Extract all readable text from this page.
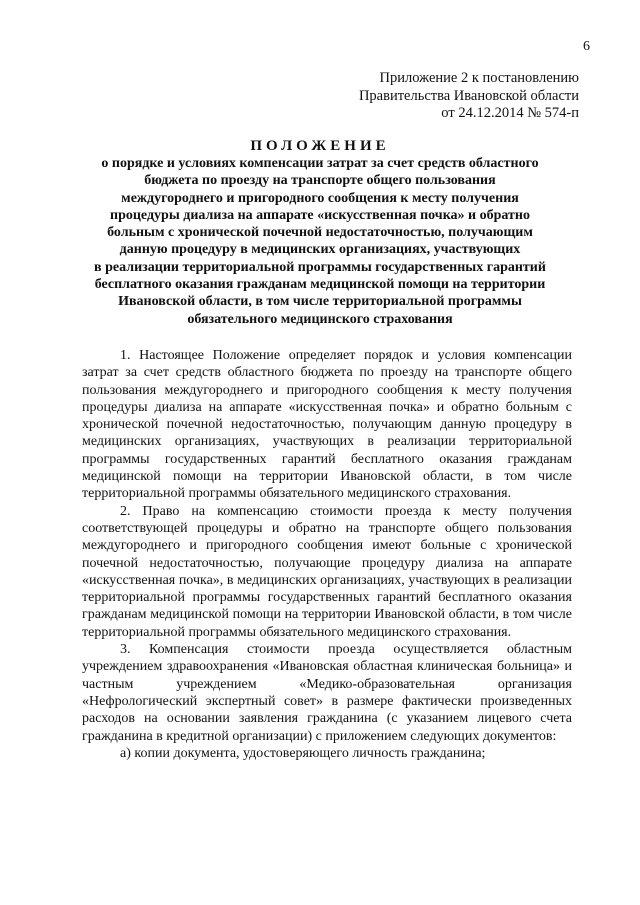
6
Приложение 2 к постановлению
Правительства Ивановской области
от 24.12.2014 № 574-п
ПОЛОЖЕНИЕ
о порядке и условиях компенсации затрат за счет средств областного
бюджета по проезду на транспорте общего пользования
междугороднего и пригородного сообщения к месту получения
процедуры диализа на аппарате «искусственная почка» и обратно
больным с хронической почечной недостаточностью, получающим
данную процедуру в медицинских организациях, участвующих
в реализации территориальной программы государственных гарантий
бесплатного оказания гражданам медицинской помощи на территории
Ивановской области, в том числе территориальной программы
обязательного медицинского страхования

1. Настоящее Положение определяет порядок и условия компенсации затрат за счет средств областного бюджета по проезду на транспорте общего пользования междугороднего и пригородного сообщения к месту получения процедуры диализа на аппарате «искусственная почка» и обратно больным с хронической почечной недостаточностью, получающим данную процедуру в медицинских организациях, участвующих в реализации территориальной программы государственных гарантий бесплатного оказания гражданам медицинской помощи на территории Ивановской области, в том числе территориальной программы обязательного медицинского страхования.

2. Право на компенсацию стоимости проезда к месту получения соответствующей процедуры и обратно на транспорте общего пользования междугороднего и пригородного сообщения имеют больные с хронической почечной недостаточностью, получающие процедуру диализа на аппарате «искусственная почка», в медицинских организациях, участвующих в реализации территориальной программы государственных гарантий бесплатного оказания гражданам медицинской помощи на территории Ивановской области, в том числе территориальной программы обязательного медицинского страхования.

3. Компенсация стоимости проезда осуществляется областным учреждением здравоохранения «Ивановская областная клиническая больница» и частным учреждением «Медико-образовательная организация «Нефрологический экспертный совет» в размере фактически произведенных расходов на основании заявления гражданина (с указанием лицевого счета гражданина в кредитной организации) с приложением следующих документов:

а) копии документа, удостоверяющего личность гражданина;
